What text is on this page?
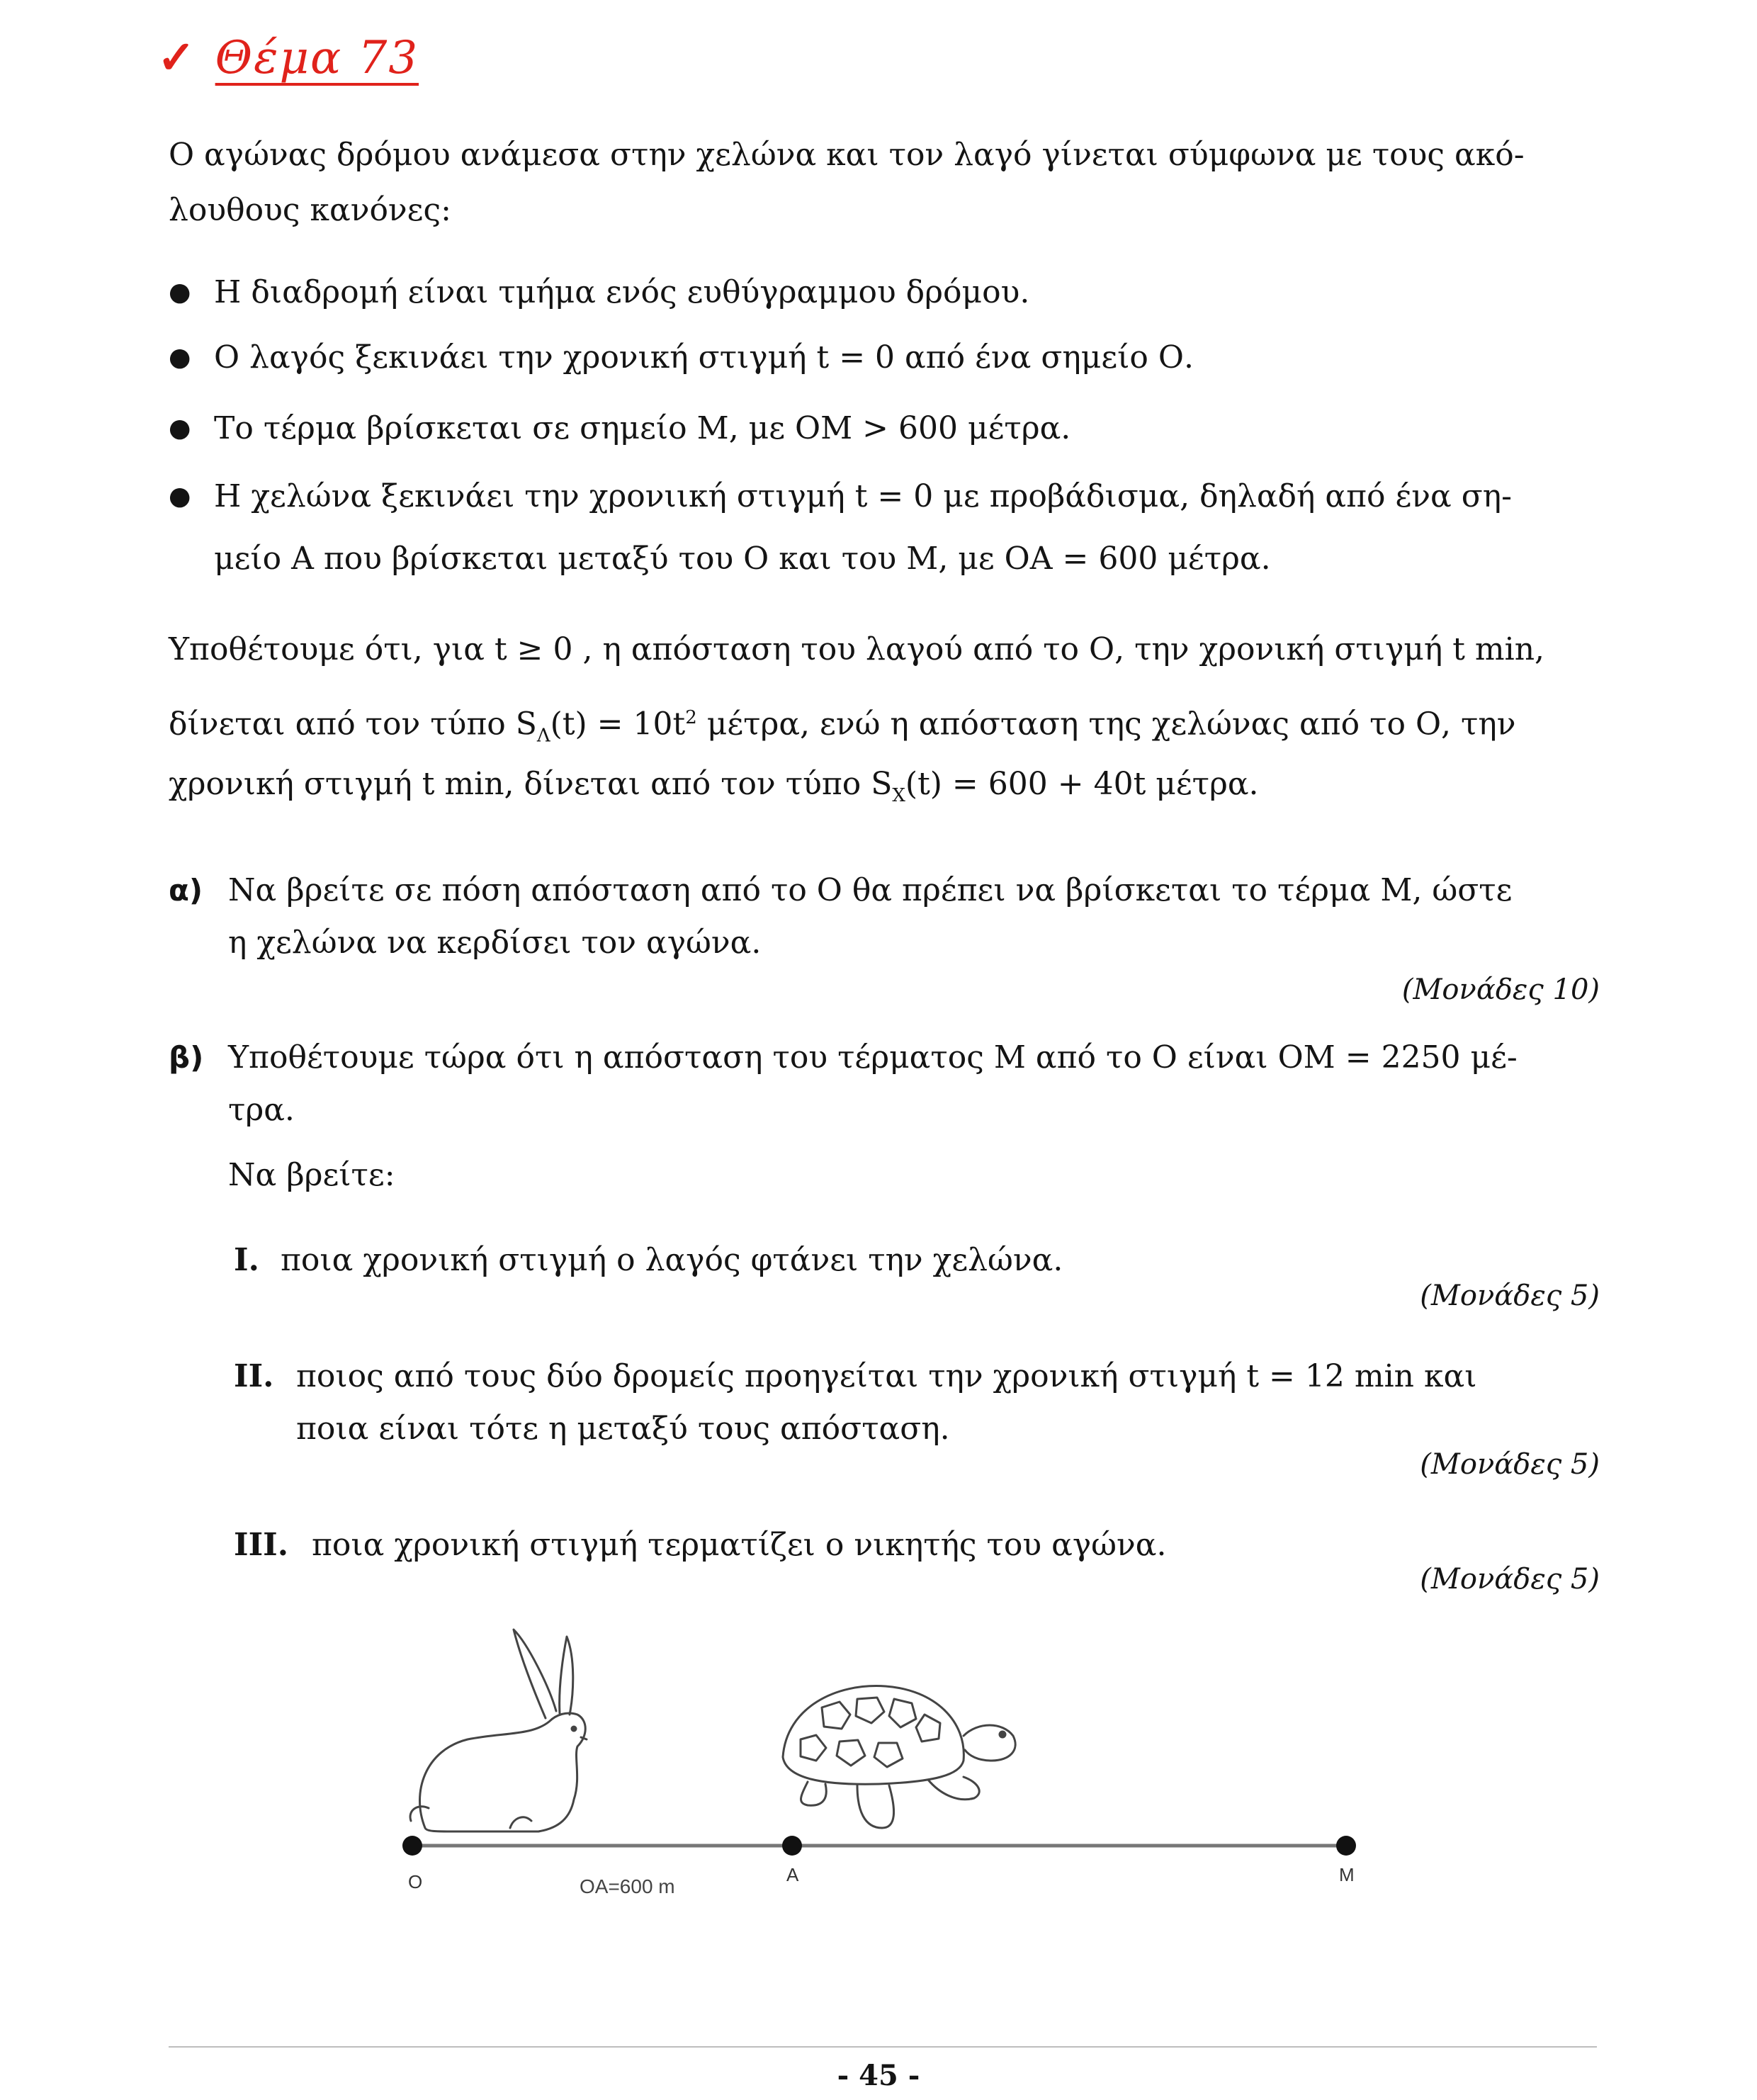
✓ Θέμα 73
Ο αγώνας δρόμου ανάμεσα στην χελώνα και τον λαγό γίνεται σύμφωνα με τους ακό-
λουθους κανόνες:
● Η διαδρομή είναι τμήμα ενός ευθύγραμμου δρόμου.
● Ο λαγός ξεκινάει την χρονική στιγμή t = 0 από ένα σημείο Ο.
● Το τέρμα βρίσκεται σε σημείο Μ, με ΟΜ > 600 μέτρα.
● Η χελώνα ξεκινάει την χρονιική στιγμή t = 0 με προβάδισμα, δηλαδή από ένα ση-
μείο Α που βρίσκεται μεταξύ του Ο και του Μ, με ΟΑ = 600 μέτρα.
Υποθέτουμε ότι, για t ≥ 0 , η απόσταση του λαγού από το Ο, την χρονική στιγμή t min,
δίνεται από τον τύπο $S_\Lambda(t) = 10t^2$ μέτρα, ενώ η απόσταση της χελώνας από το Ο, την
χρονική στιγμή t min, δίνεται από τον τύπο $S_X(t) = 600 + 40t$ μέτρα.
α) Να βρείτε σε πόση απόσταση από το Ο θα πρέπει να βρίσκεται το τέρμα Μ, ώστε
η χελώνα να κερδίσει τον αγώνα.
(Μονάδες 10)
β) Υποθέτουμε τώρα ότι η απόσταση του τέρματος Μ από το Ο είναι ΟΜ = 2250 μέ-
τρα.
Να βρείτε:
I. ποια χρονική στιγμή ο λαγός φτάνει την χελώνα.
(Μονάδες 5)
II. ποιος από τους δύο δρομείς προηγείται την χρονική στιγμή t = 12 min και
ποια είναι τότε η μεταξύ τους απόσταση.
(Μονάδες 5)
III. ποια χρονική στιγμή τερματίζει ο νικητής του αγώνα.
(Μονάδες 5)
O	A	M
OA=600 m
- 45 -
